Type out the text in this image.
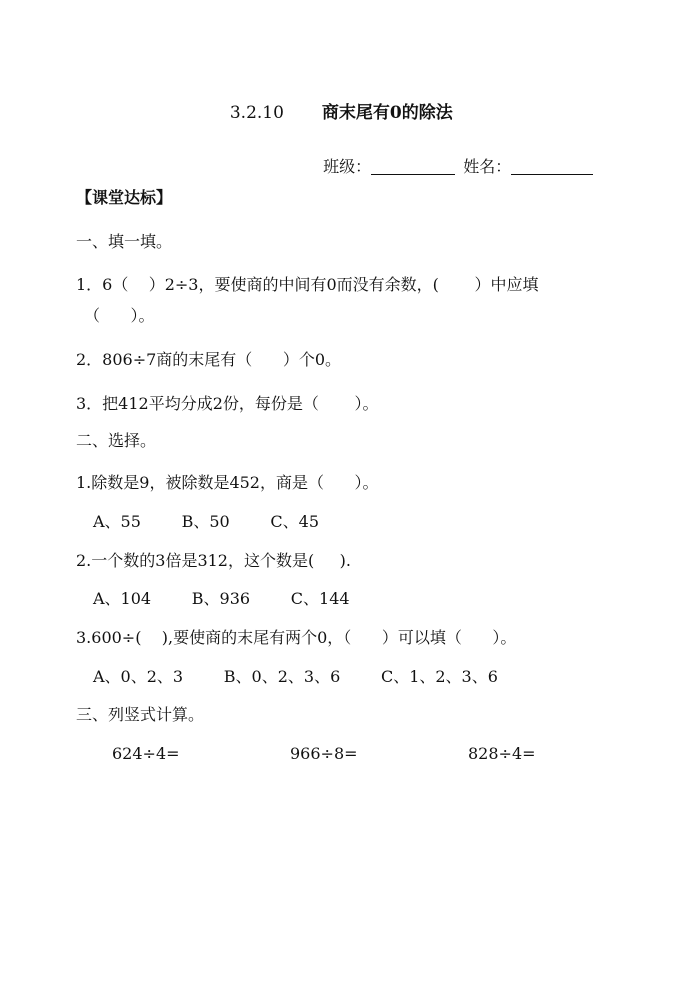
3.2.10 商末尾有0的除法

班级：	姓名：

【课堂达标】
一、填一填。
1．6（    ）2÷3，要使商的中间有0而没有余数，(       ）中应填
（      ）。
2．806÷7商的末尾有（      ）个0。
3．把412平均分成2份，每份是（       ）。
二、选择。
1.除数是9，被除数是452，商是（      ）。
A、55        B、50        C、45
2.一个数的3倍是312，这个数是(     ).
A、104        B、936        C、144
3.600÷(    ),要使商的末尾有两个0，（      ）可以填（      ）。
A、0、2、3        B、0、2、3、6        C、1、2、3、6
三、列竖式计算。

624÷4=

	966÷8=

	828÷4=
